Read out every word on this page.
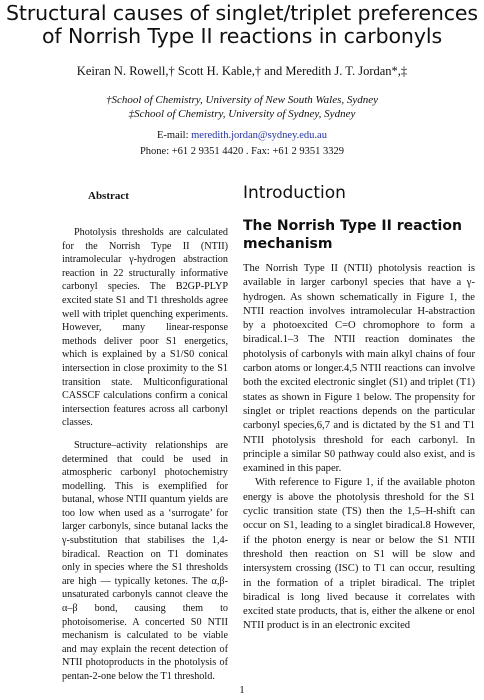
Structural causes of singlet/triplet preferences
of Norrish Type II reactions in carbonyls
Keiran N. Rowell,† Scott H. Kable,† and Meredith J. T. Jordan*,‡
†School of Chemistry, University of New South Wales, Sydney
‡School of Chemistry, University of Sydney, Sydney
E-mail: meredith.jordan@sydney.edu.au
Phone: +61 2 9351 4420 . Fax: +61 2 9351 3329
Abstract

Photolysis thresholds are calculated for the Norrish Type II (NTII) intramolecular γ-hydrogen abstraction reaction in 22 structurally informative carbonyl species. The B2GP-PLYP excited state S1 and T1 thresholds agree well with triplet quenching experiments. However, many linear-response methods deliver poor S1 energetics, which is explained by a S1/S0 conical intersection in close proximity to the S1 transition state. Multiconfigurational CASSCF calculations confirm a conical intersection features across all carbonyl classes.

Structure–activity relationships are determined that could be used in atmospheric carbonyl photochemistry modelling. This is exemplified for butanal, whose NTII quantum yields are too low when used as a ‘surrogate’ for larger carbonyls, since butanal lacks the γ-substitution that stabilises the 1,4-biradical. Reaction on T1 dominates only in species where the S1 thresholds are high — typically ketones. The α,β-unsaturated carbonyls cannot cleave the α–β bond, causing them to photoisomerise. A concerted S0 NTII mechanism is calculated to be viable and may explain the recent detection of NTII photoproducts in the photolysis of pentan-2-one below the T1 threshold.

Introduction
The Norrish Type II reaction mechanism

The Norrish Type II (NTII) photolysis reaction is available in larger carbonyl species that have a γ-hydrogen. As shown schematically in Figure 1, the NTII reaction involves intramolecular H-abstraction by a photoexcited C=O chromophore to form a biradical.1–3 The NTII reaction dominates the photolysis of carbonyls with main alkyl chains of four carbon atoms or longer.4,5 NTII reactions can involve both the excited electronic singlet (S1) and triplet (T1) states as shown in Figure 1 below. The propensity for singlet or triplet reactions depends on the particular carbonyl species,6,7 and is dictated by the S1 and T1 NTII photolysis threshold for each carbonyl. In principle a similar S0 pathway could also exist, and is examined in this paper.

With reference to Figure 1, if the available photon energy is above the photolysis threshold for the S1 cyclic transition state (TS) then the 1,5–H-shift can occur on S1, leading to a singlet biradical.8 However, if the photon energy is near or below the S1 NTII threshold then reaction on S1 will be slow and intersystem crossing (ISC) to T1 can occur, resulting in the formation of a triplet biradical. The triplet biradical is long lived because it correlates with excited state products, that is, either the alkene or enol NTII product is in an electronic excited

1
